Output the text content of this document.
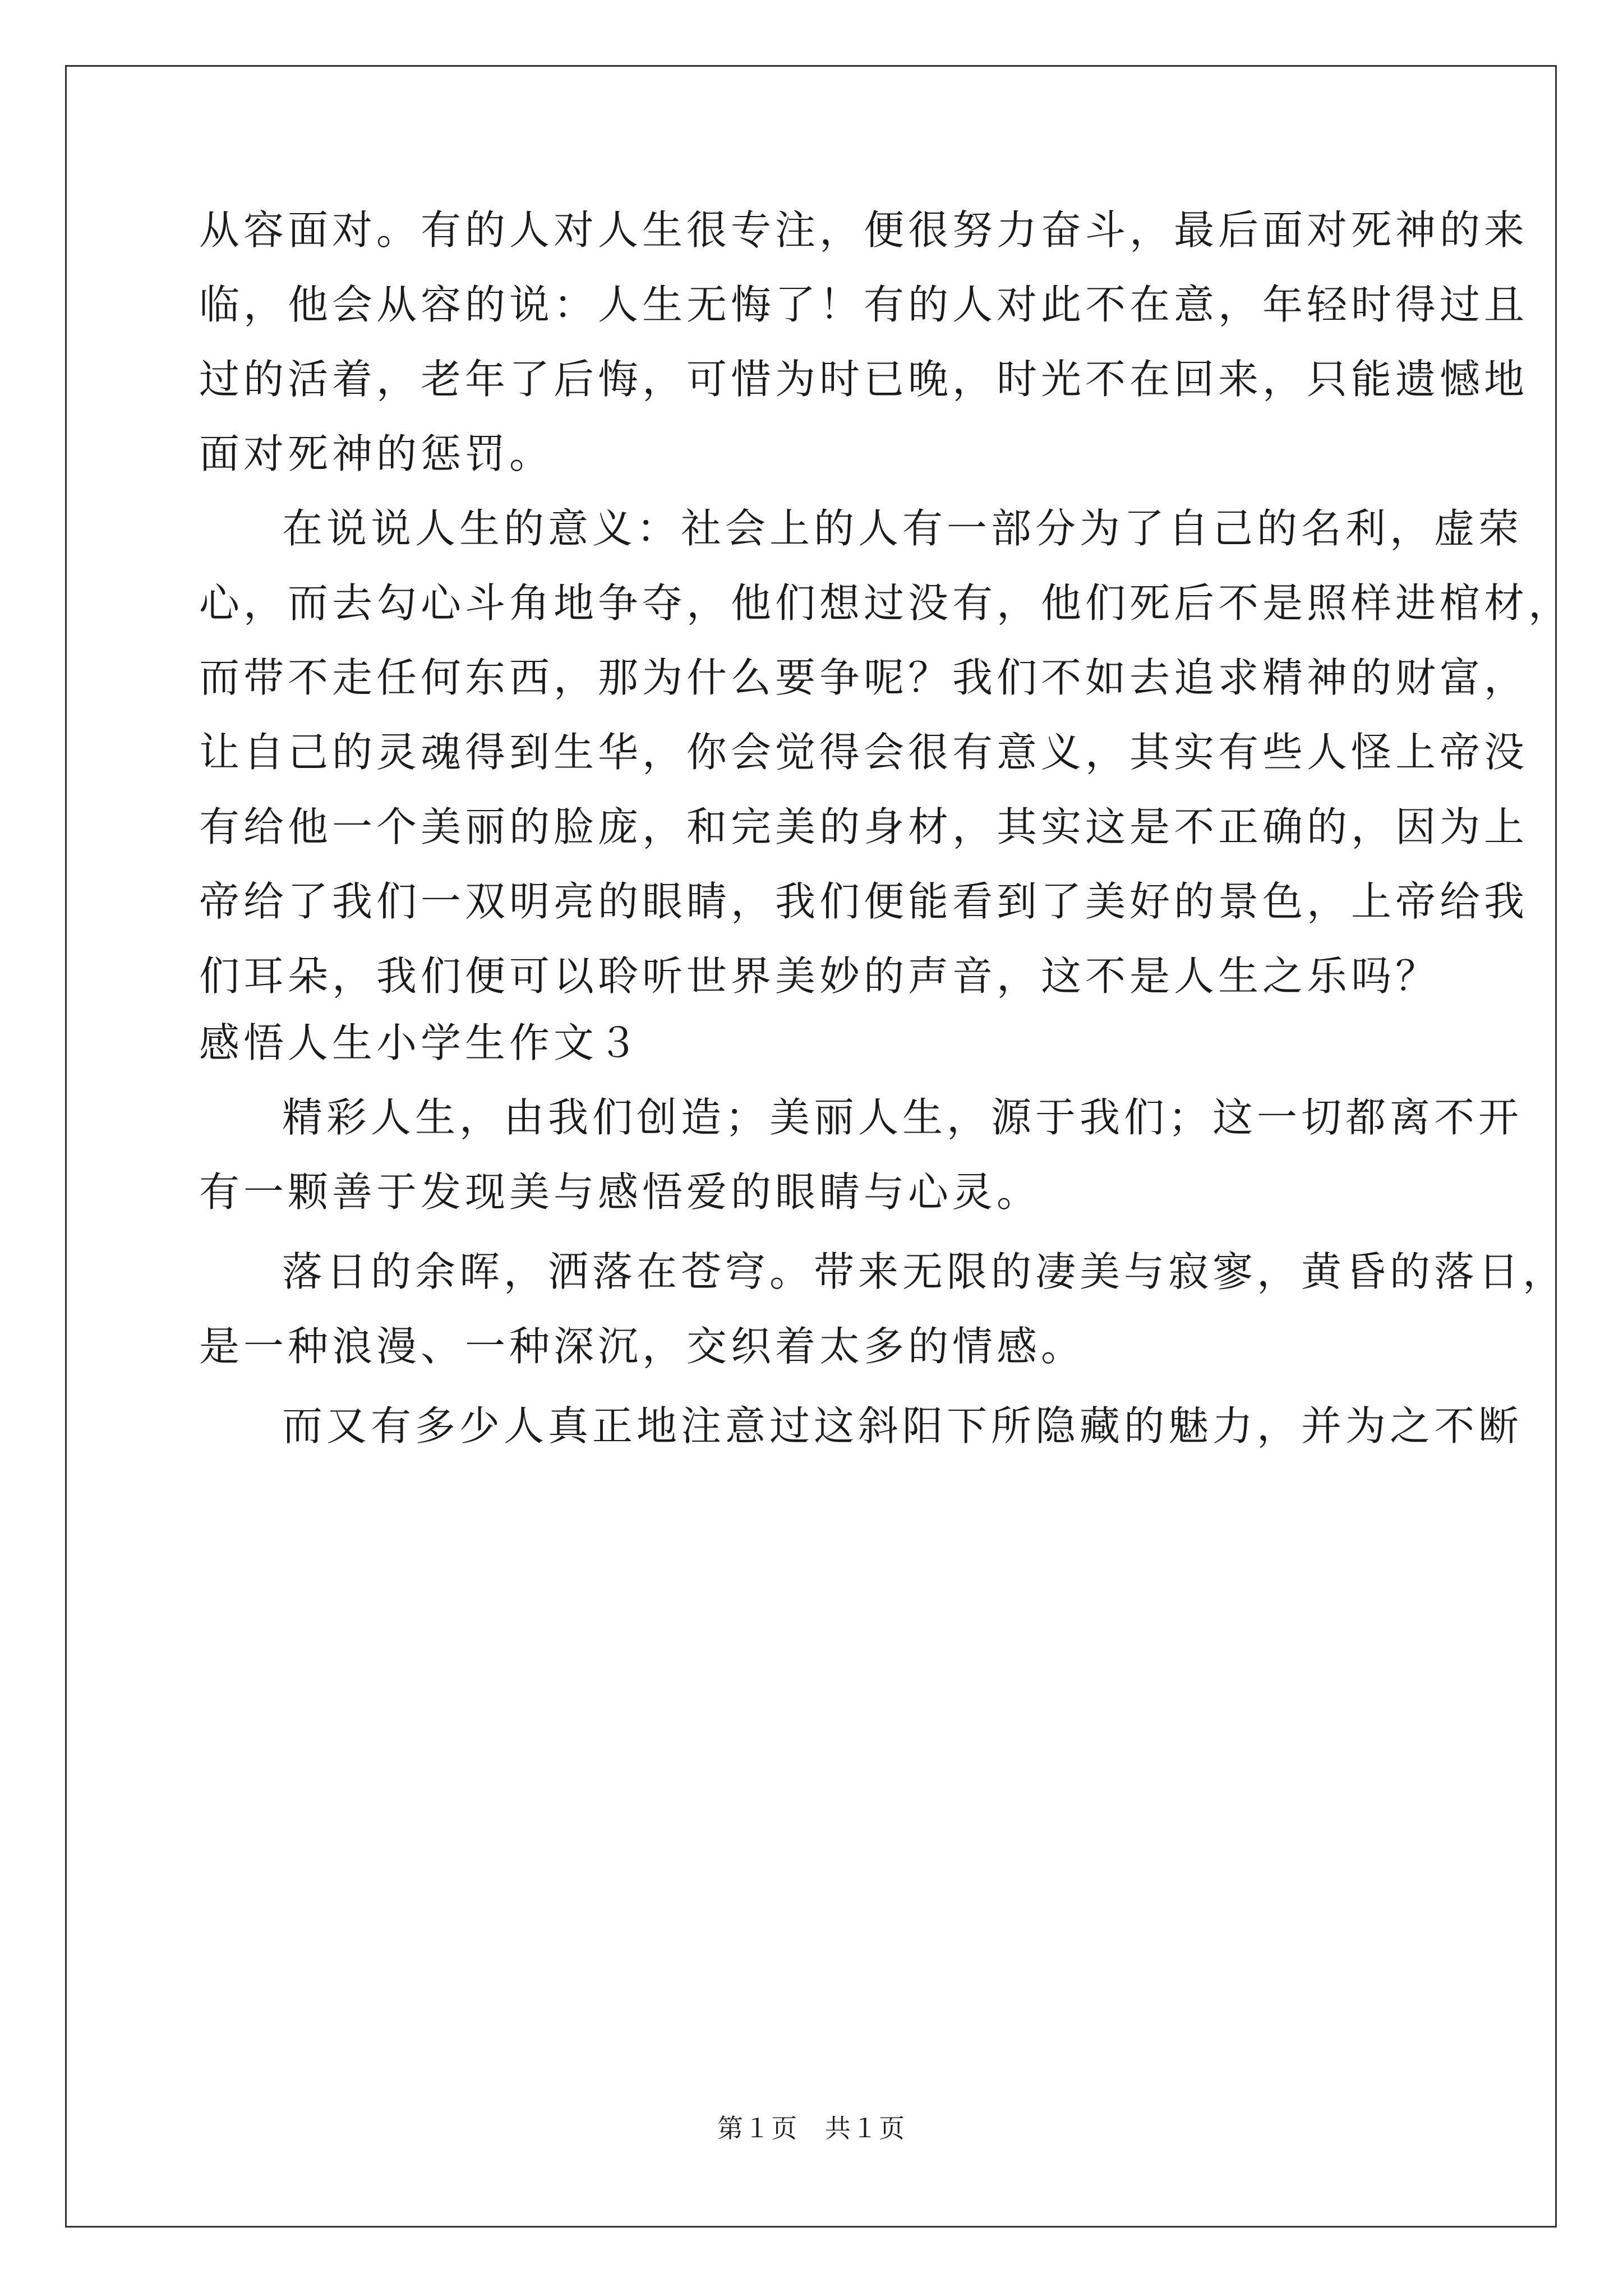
从容面对。有的人对人生很专注，便很努力奋斗，最后面对死神的来
临，他会从容的说：人生无悔了！有的人对此不在意，年轻时得过且
过的活着，老年了后悔，可惜为时已晚，时光不在回来，只能遗憾地
面对死神的惩罚。
在说说人生的意义：社会上的人有一部分为了自己的名利，虚荣
心，而去勾心斗角地争夺，他们想过没有，他们死后不是照样进棺材，
而带不走任何东西，那为什么要争呢？我们不如去追求精神的财富，
让自己的灵魂得到生华，你会觉得会很有意义，其实有些人怪上帝没
有给他一个美丽的脸庞，和完美的身材，其实这是不正确的，因为上
帝给了我们一双明亮的眼睛，我们便能看到了美好的景色，上帝给我
们耳朵，我们便可以聆听世界美妙的声音，这不是人生之乐吗？
感悟人生小学生作文３
精彩人生，由我们创造；美丽人生，源于我们；这一切都离不开
有一颗善于发现美与感悟爱的眼睛与心灵。
落日的余晖，洒落在苍穹。带来无限的凄美与寂寥，黄昏的落日，
是一种浪漫、一种深沉，交织着太多的情感。
而又有多少人真正地注意过这斜阳下所隐藏的魅力，并为之不断
第１页　共１页
